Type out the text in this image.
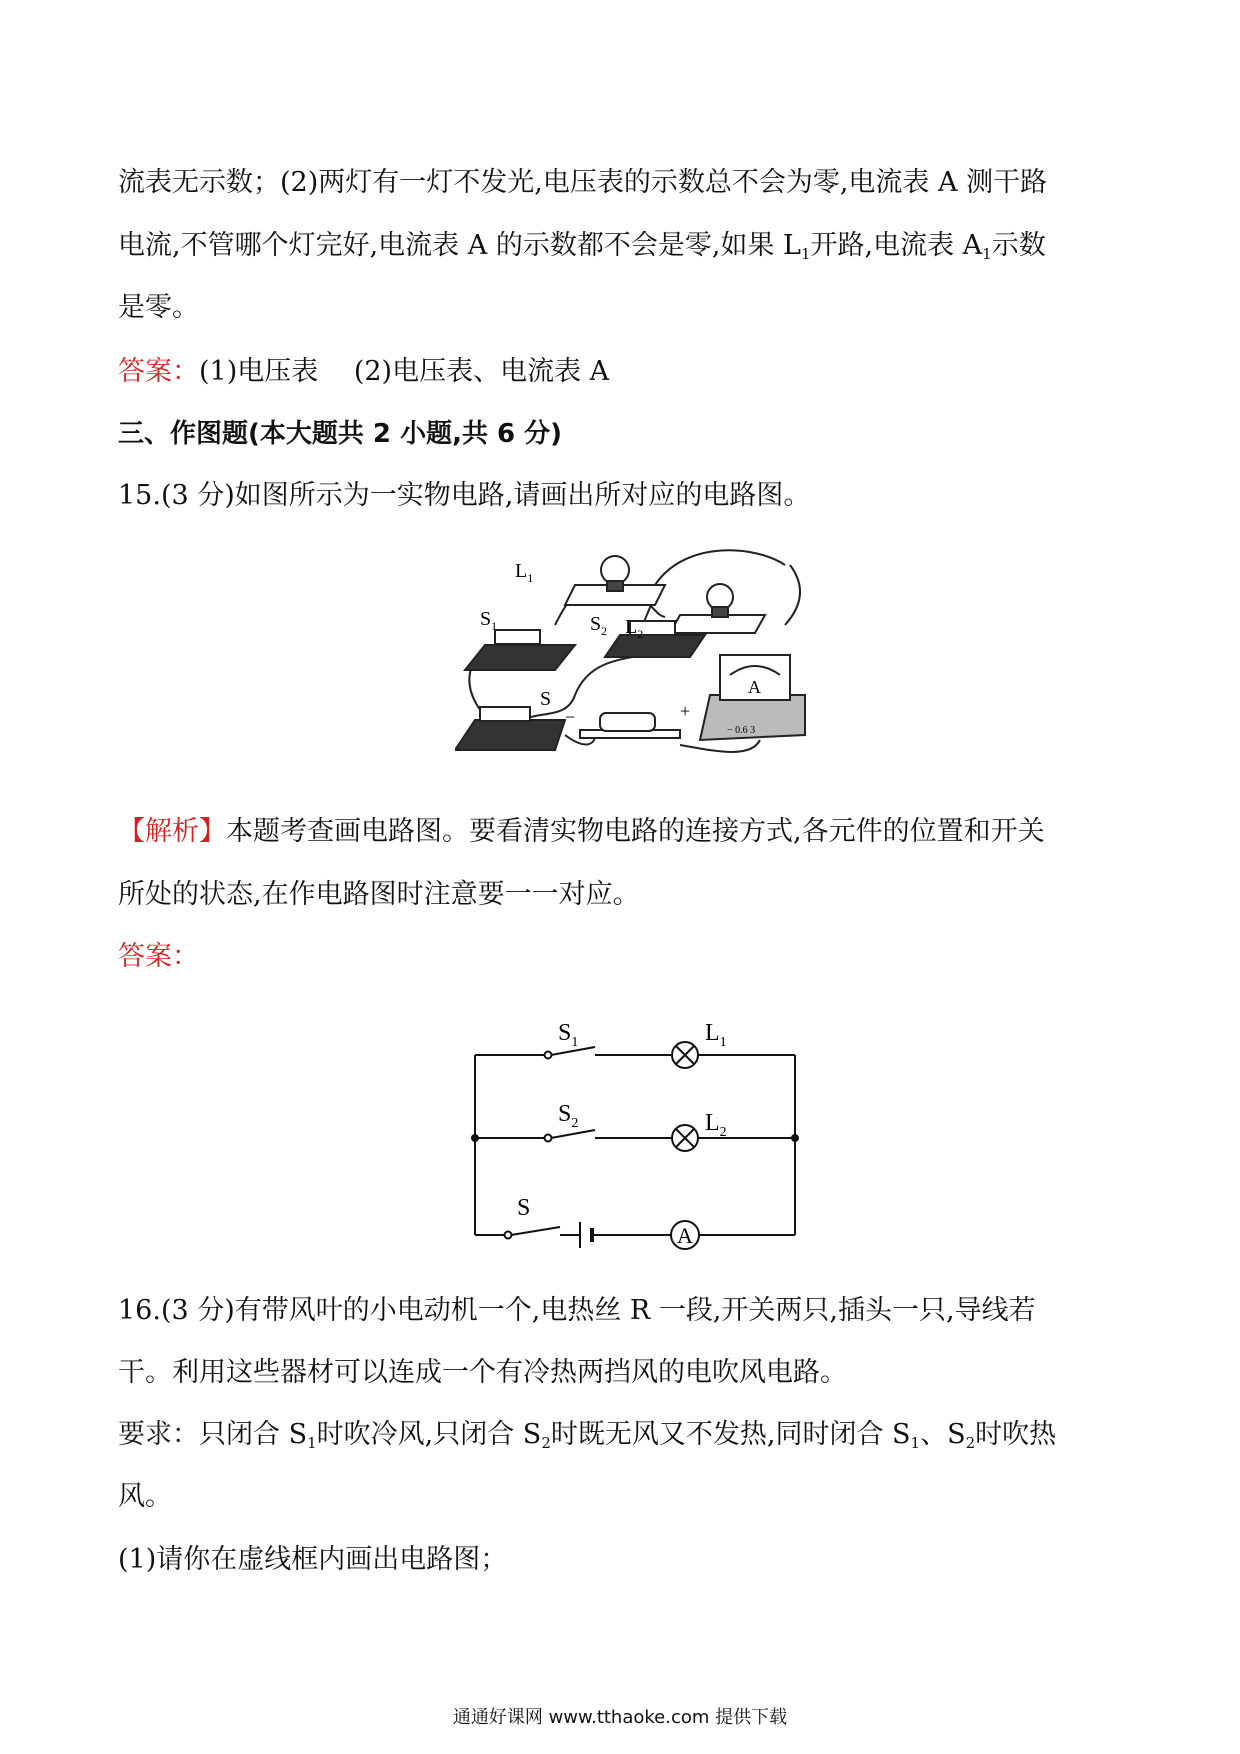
流表无示数；(2)两灯有一灯不发光,电压表的示数总不会为零,电流表 A 测干路
电流,不管哪个灯完好,电流表 A 的示数都不会是零,如果 $L_1$开路,电流表 $A_1$示数
是零。
答案：(1)电压表　 (2)电压表、电流表 A
三、作图题(本大题共 2 小题,共 6 分)
15.(3 分)如图所示为一实物电路,请画出所对应的电路图。
$L_1$
$L_2$
$S_1$	$S_2$
S
−	+
A
− 0.6 3
【解析】本题考查画电路图。要看清实物电路的连接方式,各元件的位置和开关
所处的状态,在作电路图时注意要一一对应。
答案：
A
$S_1$	$L_1$
$S_2$	$L_2$
S
16.(3 分)有带风叶的小电动机一个,电热丝 R 一段,开关两只,插头一只,导线若
干。利用这些器材可以连成一个有冷热两挡风的电吹风电路。
要求：只闭合 $S_1$时吹冷风,只闭合 $S_2$时既无风又不发热,同时闭合 $S_1$、$S_2$时吹热
风。
(1)请你在虚线框内画出电路图；
通通好课网 www.tthaoke.com 提供下载
